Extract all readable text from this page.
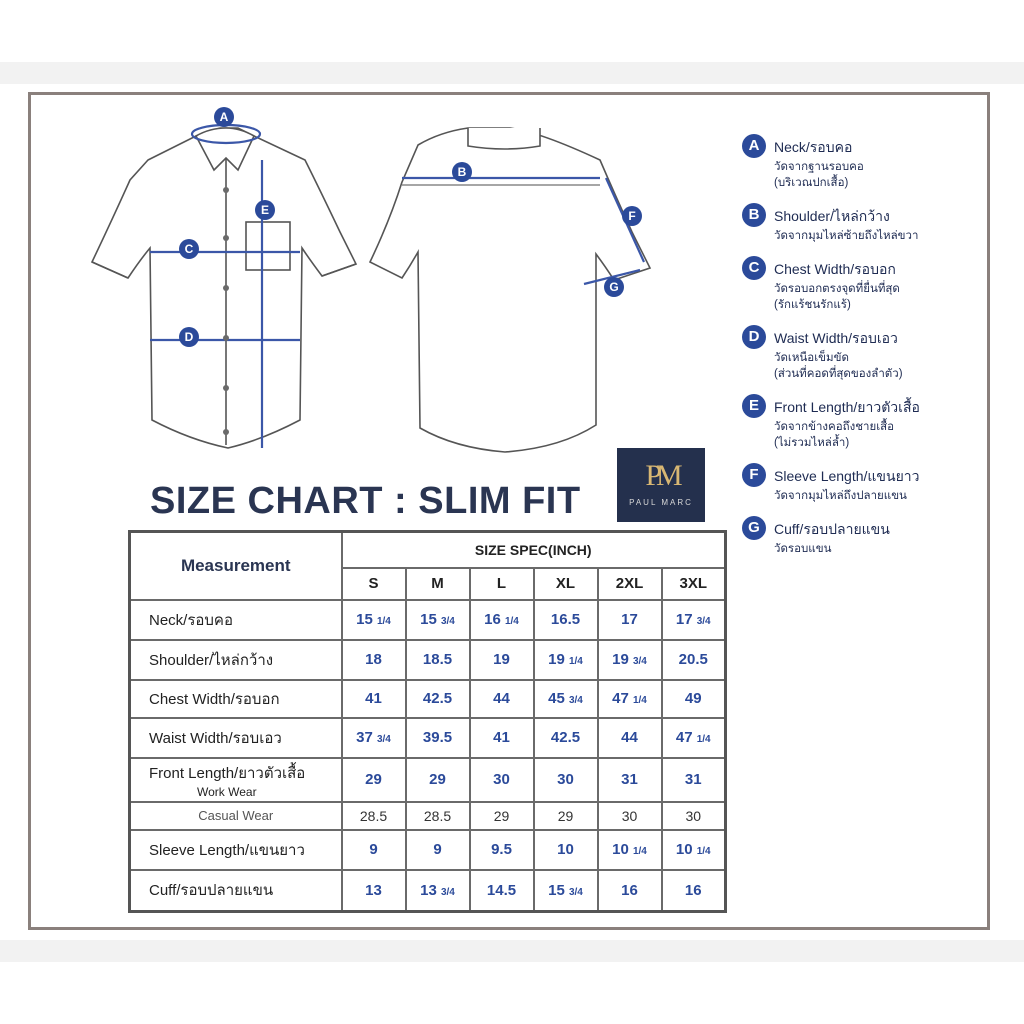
A
B
C
D
E	F
G
A	Neck/รอบคอ
วัดจากฐานรอบคอ
(บริเวณปกเสื้อ)
B	Shoulder/ไหล่กว้าง
วัดจากมุมไหล่ซ้ายถึงไหล่ขวา
C	Chest Width/รอบอก
วัดรอบอกตรงจุดที่ยื่นที่สุด
(รักแร้ชนรักแร้)
D	Waist Width/รอบเอว
วัดเหนือเข็มขัด
(ส่วนที่คอดที่สุดของลำตัว)
E	Front Length/ยาวตัวเสื้อ
วัดจากข้างคอถึงชายเสื้อ
(ไม่รวมไหล่ล้ำ)
F	Sleeve Length/แขนยาว
วัดจากมุมไหล่ถึงปลายแขน
G	Cuff/รอบปลายแขน
วัดรอบแขน
SIZE CHART : SLIM FIT
PM
PAUL MARC
Measurement	SIZE SPEC(INCH)					
	S	M	L	XL	2XL	3XL
Neck/รอบคอ	15 1/4	15 3/4	16 1/4	16.5	17	17 3/4
Shoulder/ไหล่กว้าง	18	18.5	19	19 1/4	19 3/4	20.5
Chest Width/รอบอก	41	42.5	44	45 3/4	47 1/4	49
Waist Width/รอบเอว	37 3/4	39.5	41	42.5	44	47 1/4
Front Length/ยาวตัวเสื้อ
Work Wear	29	29	30	30	31	31
Casual Wear	28.5	28.5	29	29	30	30
Sleeve Length/แขนยาว	9	9	9.5	10	10 1/4	10 1/4
Cuff/รอบปลายแขน	13	13 3/4	14.5	15 3/4	16	16
